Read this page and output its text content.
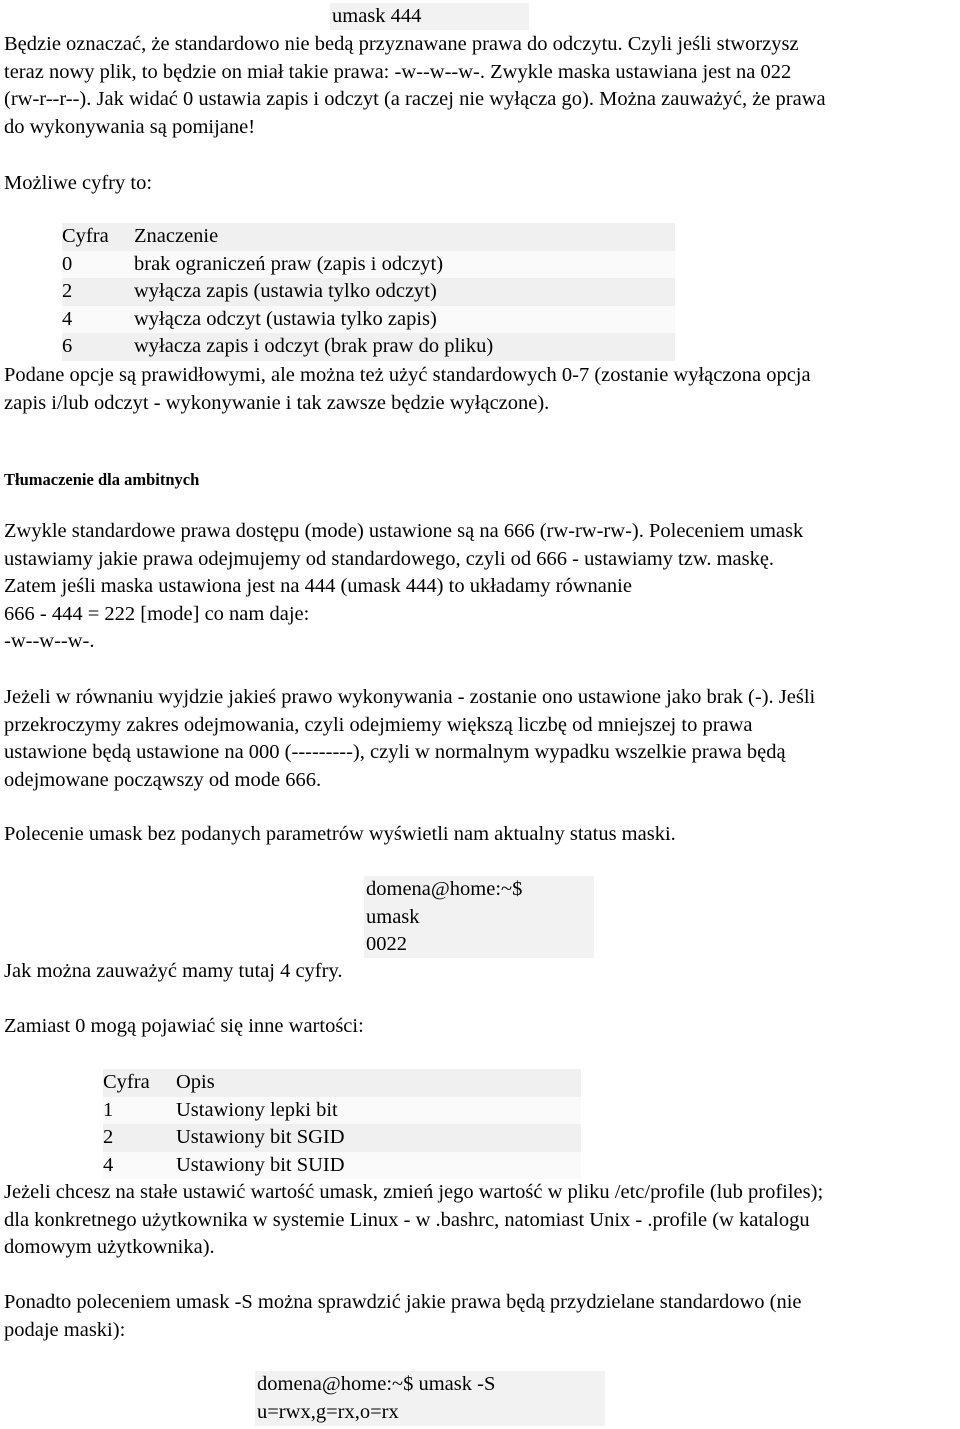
umask 444
Będzie oznaczać, że standardowo nie bedą przyznawane prawa do odczytu. Czyli jeśli stworzysz
teraz nowy plik, to będzie on miał takie prawa: -w--w--w-. Zwykle maska ustawiana jest na 022
(rw-r--r--). Jak widać 0 ustawia zapis i odczyt (a raczej nie wyłącza go). Można zauważyć, że prawa
do wykonywania są pomijane!
Możliwe cyfry to:
Cyfra	Znaczenie
0	brak ograniczeń praw (zapis i odczyt)
2	wyłącza zapis (ustawia tylko odczyt)
4	wyłącza odczyt (ustawia tylko zapis)
6	wyłacza zapis i odczyt (brak praw do pliku)
Podane opcje są prawidłowymi, ale można też użyć standardowych 0-7 (zostanie wyłączona opcja
zapis i/lub odczyt - wykonywanie i tak zawsze będzie wyłączone).
Tłumaczenie dla ambitnych
Zwykle standardowe prawa dostępu (mode) ustawione są na 666 (rw-rw-rw-). Poleceniem umask
ustawiamy jakie prawa odejmujemy od standardowego, czyli od 666 - ustawiamy tzw. maskę.
Zatem jeśli maska ustawiona jest na 444 (umask 444) to układamy równanie
666 - 444 = 222 [mode] co nam daje:
-w--w--w-.
Jeżeli w równaniu wyjdzie jakieś prawo wykonywania - zostanie ono ustawione jako brak (-). Jeśli
przekroczymy zakres odejmowania, czyli odejmiemy większą liczbę od mniejszej to prawa
ustawione będą ustawione na 000 (---------), czyli w normalnym wypadku wszelkie prawa będą
odejmowane począwszy od mode 666.
Polecenie umask bez podanych parametrów wyświetli nam aktualny status maski.
domena@home:~$
umask
0022
Jak można zauważyć mamy tutaj 4 cyfry.
Zamiast 0 mogą pojawiać się inne wartości:
Cyfra	Opis
1	Ustawiony lepki bit
2	Ustawiony bit SGID
4	Ustawiony bit SUID
Jeżeli chcesz na stałe ustawić wartość umask, zmień jego wartość w pliku /etc/profile (lub profiles);
dla konkretnego użytkownika w systemie Linux - w .bashrc, natomiast Unix - .profile (w katalogu
domowym użytkownika).
Ponadto poleceniem umask -S można sprawdzić jakie prawa będą przydzielane standardowo (nie
podaje maski):
domena@home:~$ umask -S
u=rwx,g=rx,o=rx
